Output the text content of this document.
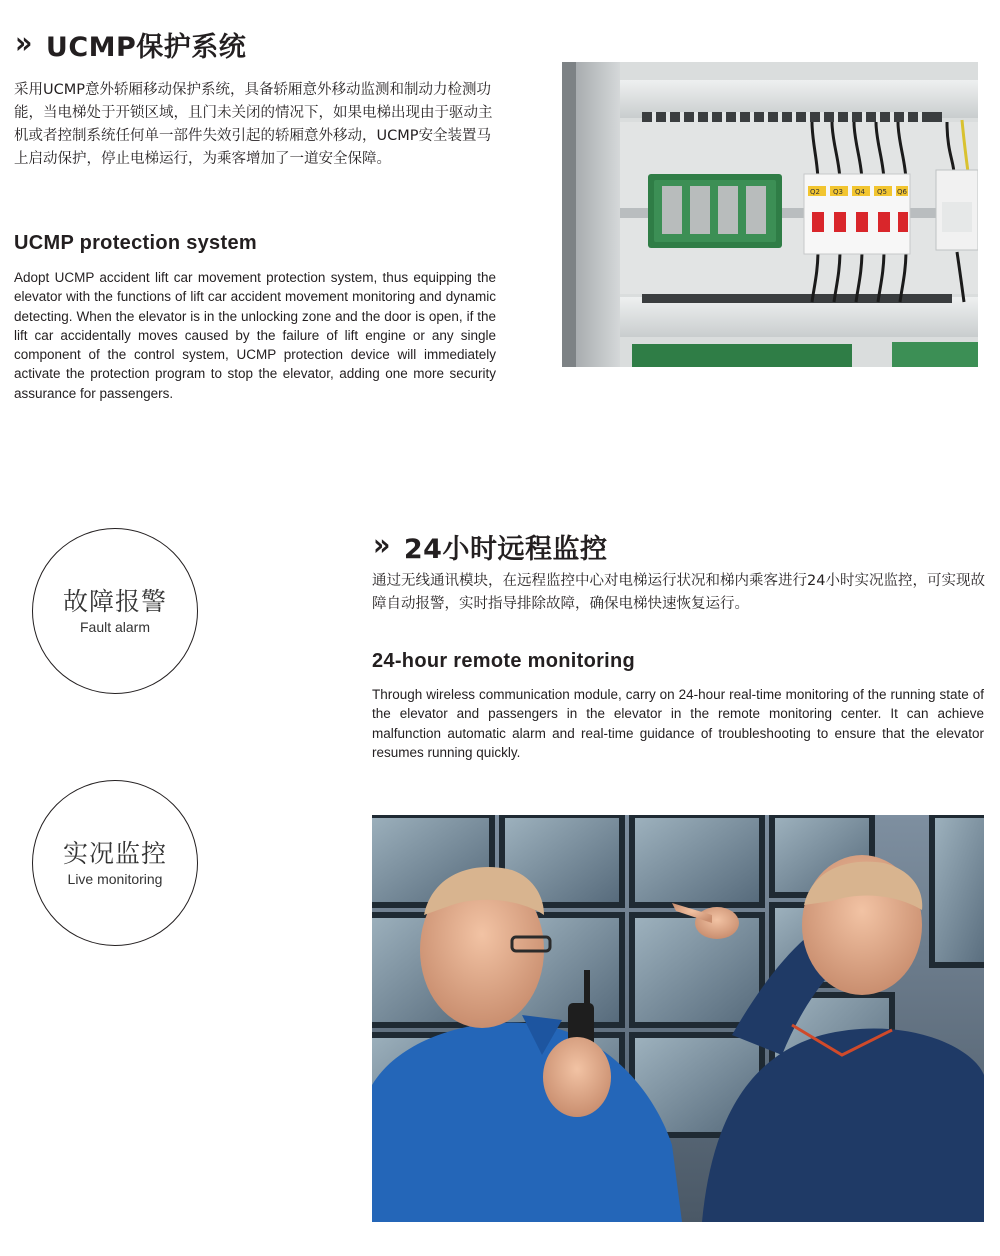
» UCMP保护系统

采用UCMP意外轿厢移动保护系统，具备轿厢意外移动监测和制动力检测功能，当电梯处于开锁区域，且门未关闭的情况下，如果电梯出现由于驱动主机或者控制系统任何单一部件失效引起的轿厢意外移动，UCMP安全装置马上启动保护，停止电梯运行，为乘客增加了一道安全保障。

UCMP protection system

Adopt UCMP accident lift car movement protection system, thus equipping the elevator with the functions of lift car accident movement monitoring and dynamic detecting. When the elevator is in the unlocking zone and the door is open, if the lift car accidentally moves caused by the failure of lift engine or any single component of the control system, UCMP protection device will immediately activate the protection program to stop the elevator, adding one more security assurance for passengers.

Q2 Q3 Q4 Q5 Q6
故障报警
Fault alarm
实况监控
Live monitoring
» 24小时远程监控

通过无线通讯模块，在远程监控中心对电梯运行状况和梯内乘客进行24小时实况监控，可实现故障自动报警，实时指导排除故障，确保电梯快速恢复运行。

24-hour remote monitoring

Through wireless communication module, carry on 24-hour real-time monitoring of the running state of the elevator and passengers in the elevator in the remote monitoring center. It can achieve malfunction automatic alarm and real-time guidance of troubleshooting to ensure that the elevator resumes running quickly.
